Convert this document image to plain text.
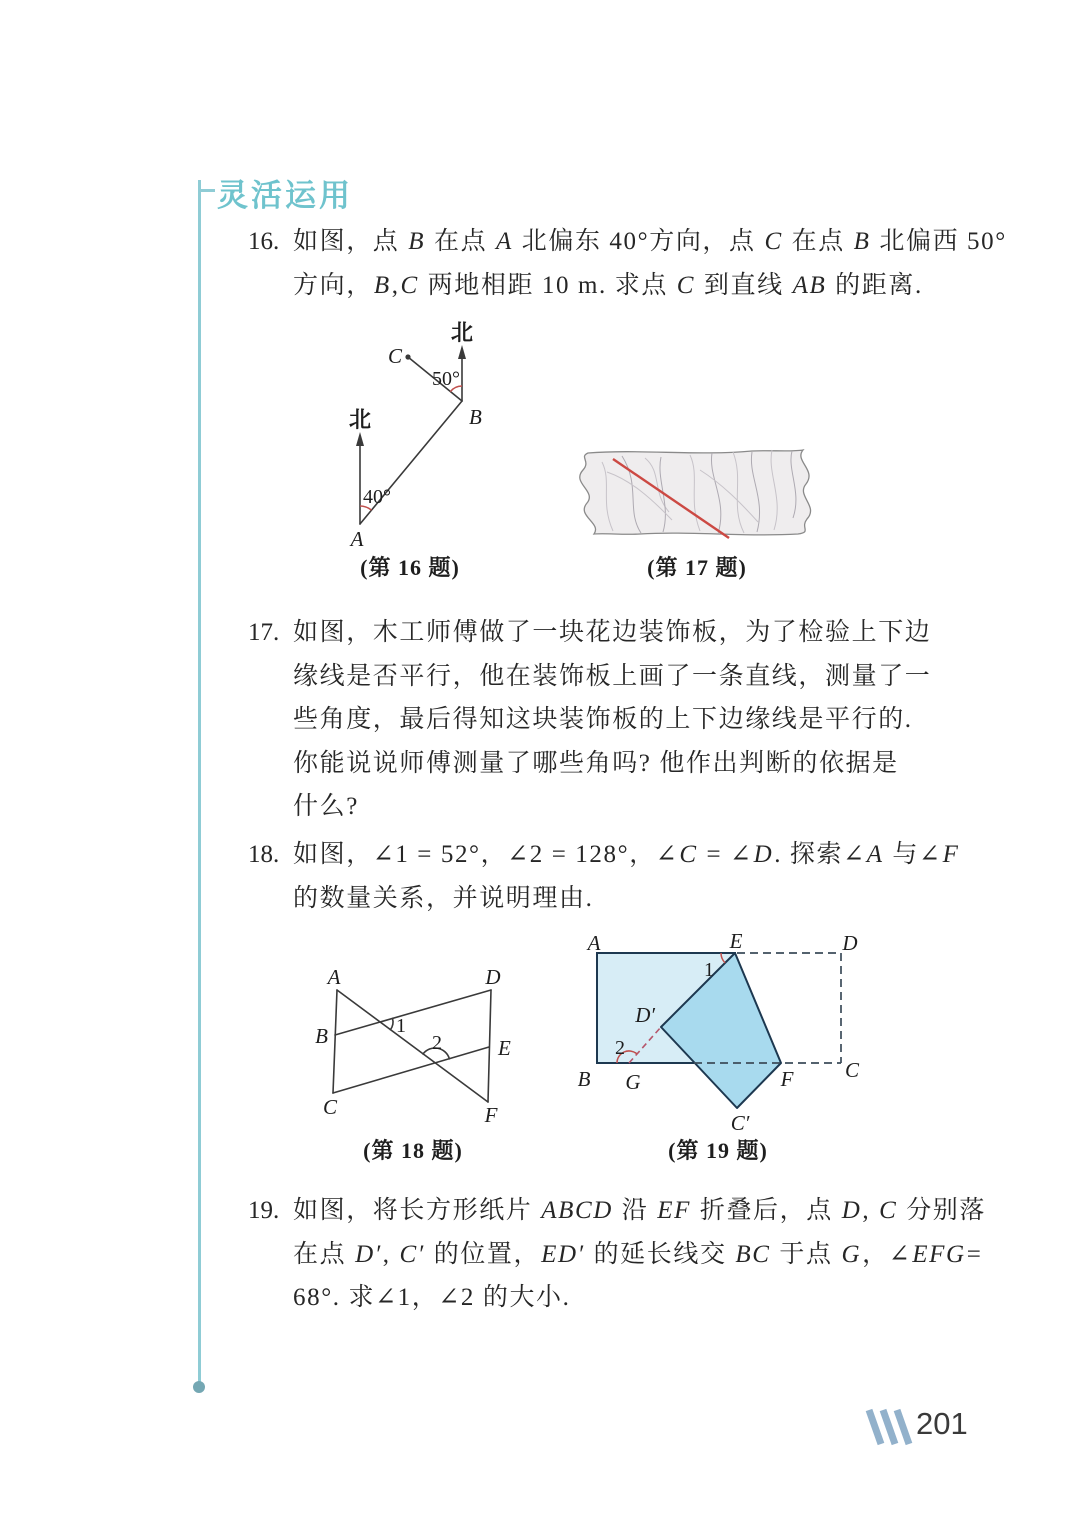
灵活运用
16. 如图，点 B 在点 A 北偏东 40°方向，点 C 在点 B 北偏西 50°
方向，B,C 两地相距 10 m. 求点 C 到直线 AB 的距离.
北
北
40°
50°
A
B
C
(第 16 题)	(第 17 题)
17. 如图，木工师傅做了一块花边装饰板，为了检验上下边
缘线是否平行，他在装饰板上画了一条直线，测量了一
些角度，最后得知这块装饰板的上下边缘线是平行的.
你能说说师傅测量了哪些角吗? 他作出判断的依据是
什么?
18. 如图，∠1 = 52°，∠2 = 128°，∠C = ∠D. 探索∠A 与∠F
的数量关系，并说明理由.
A	D
B	E
C	F
1
2
(第 18 题)
A	E	D
B G	F C
D′
C′
1
2
(第 19 题)
19. 如图，将长方形纸片 ABCD 沿 EF 折叠后，点 D, C 分别落
在点 D′, C′ 的位置，ED′ 的延长线交 BC 于点 G，∠EFG=
68°. 求∠1，∠2 的大小.
201
